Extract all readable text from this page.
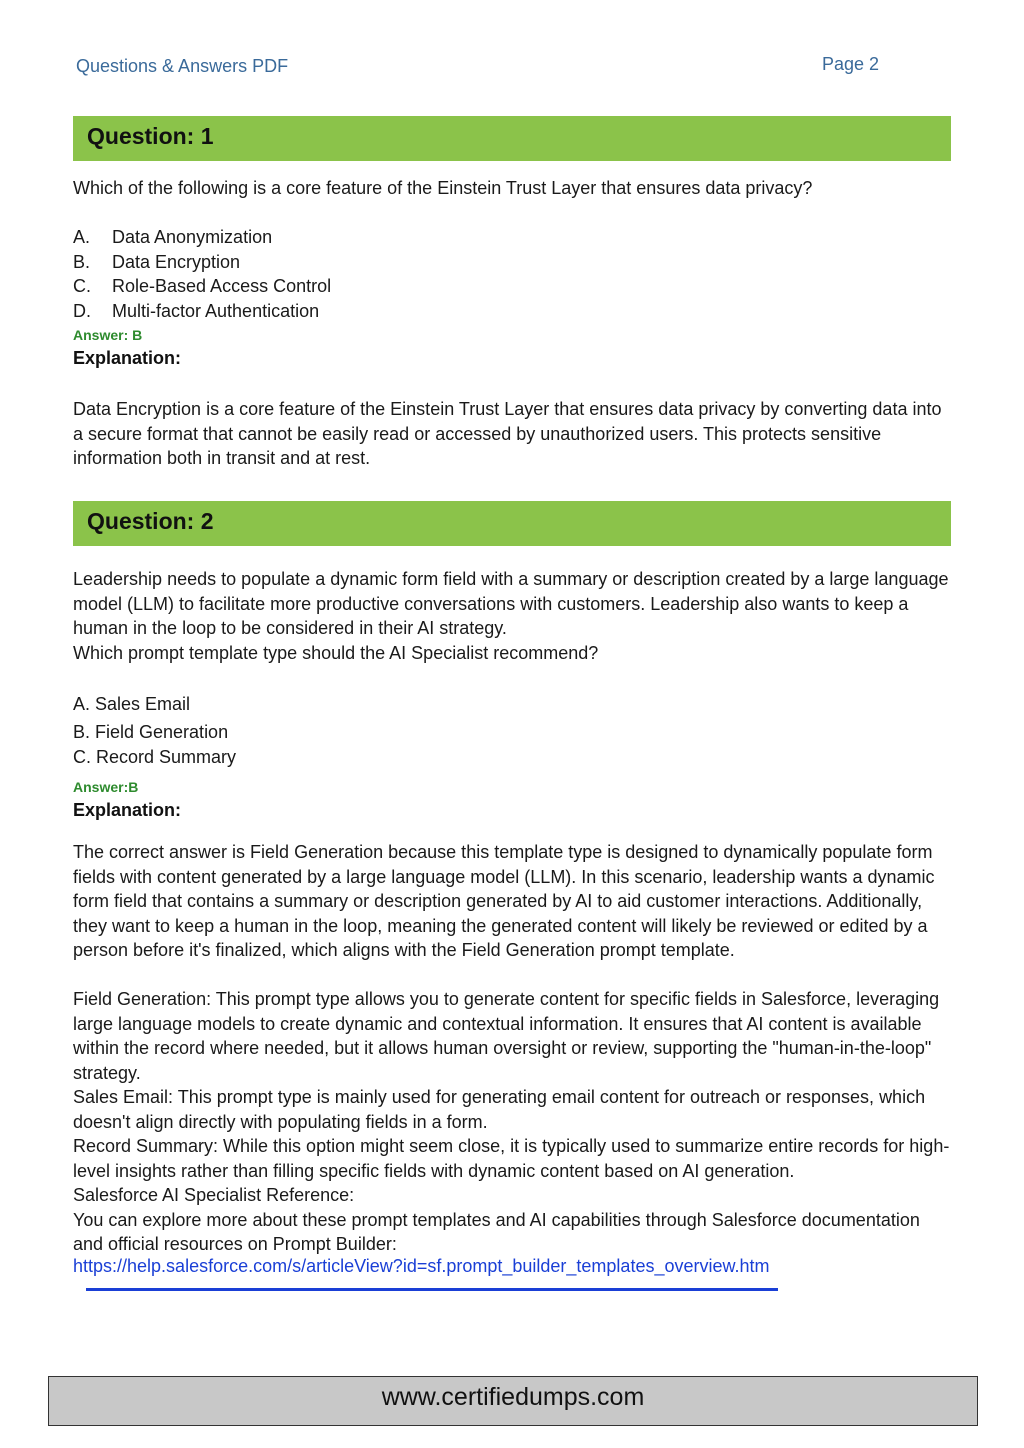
Questions & Answers PDF	Page 2
Question: 1
Which of the following is a core feature of the Einstein Trust Layer that ensures data privacy?
A. Data Anonymization
B. Data Encryption
C. Role-Based Access Control
D. Multi-factor Authentication
Answer: B
Explanation:
Data Encryption is a core feature of the Einstein Trust Layer that ensures data privacy by converting data into a secure format that cannot be easily read or accessed by unauthorized users. This protects sensitive information both in transit and at rest.
Question: 2
Leadership needs to populate a dynamic form field with a summary or description created by a large language model (LLM) to facilitate more productive conversations with customers. Leadership also wants to keep a human in the loop to be considered in their AI strategy.
Which prompt template type should the AI Specialist recommend?
A. Sales Email
B. Field Generation
C. Record Summary
Answer:B
Explanation:
The correct answer is Field Generation because this template type is designed to dynamically populate form fields with content generated by a large language model (LLM). In this scenario, leadership wants a dynamic form field that contains a summary or description generated by AI to aid customer interactions. Additionally, they want to keep a human in the loop, meaning the generated content will likely be reviewed or edited by a person before it's finalized, which aligns with the Field Generation prompt template.
Field Generation: This prompt type allows you to generate content for specific fields in Salesforce, leveraging large language models to create dynamic and contextual information. It ensures that AI content is available within the record where needed, but it allows human oversight or review, supporting the "human-in-the-loop" strategy.
Sales Email: This prompt type is mainly used for generating email content for outreach or responses, which doesn't align directly with populating fields in a form.
Record Summary: While this option might seem close, it is typically used to summarize entire records for high-level insights rather than filling specific fields with dynamic content based on AI generation.
Salesforce AI Specialist Reference:
You can explore more about these prompt templates and AI capabilities through Salesforce documentation and official resources on Prompt Builder:
https://help.salesforce.com/s/articleView?id=sf.prompt_builder_templates_overview.htm
www.certifiedumps.com
